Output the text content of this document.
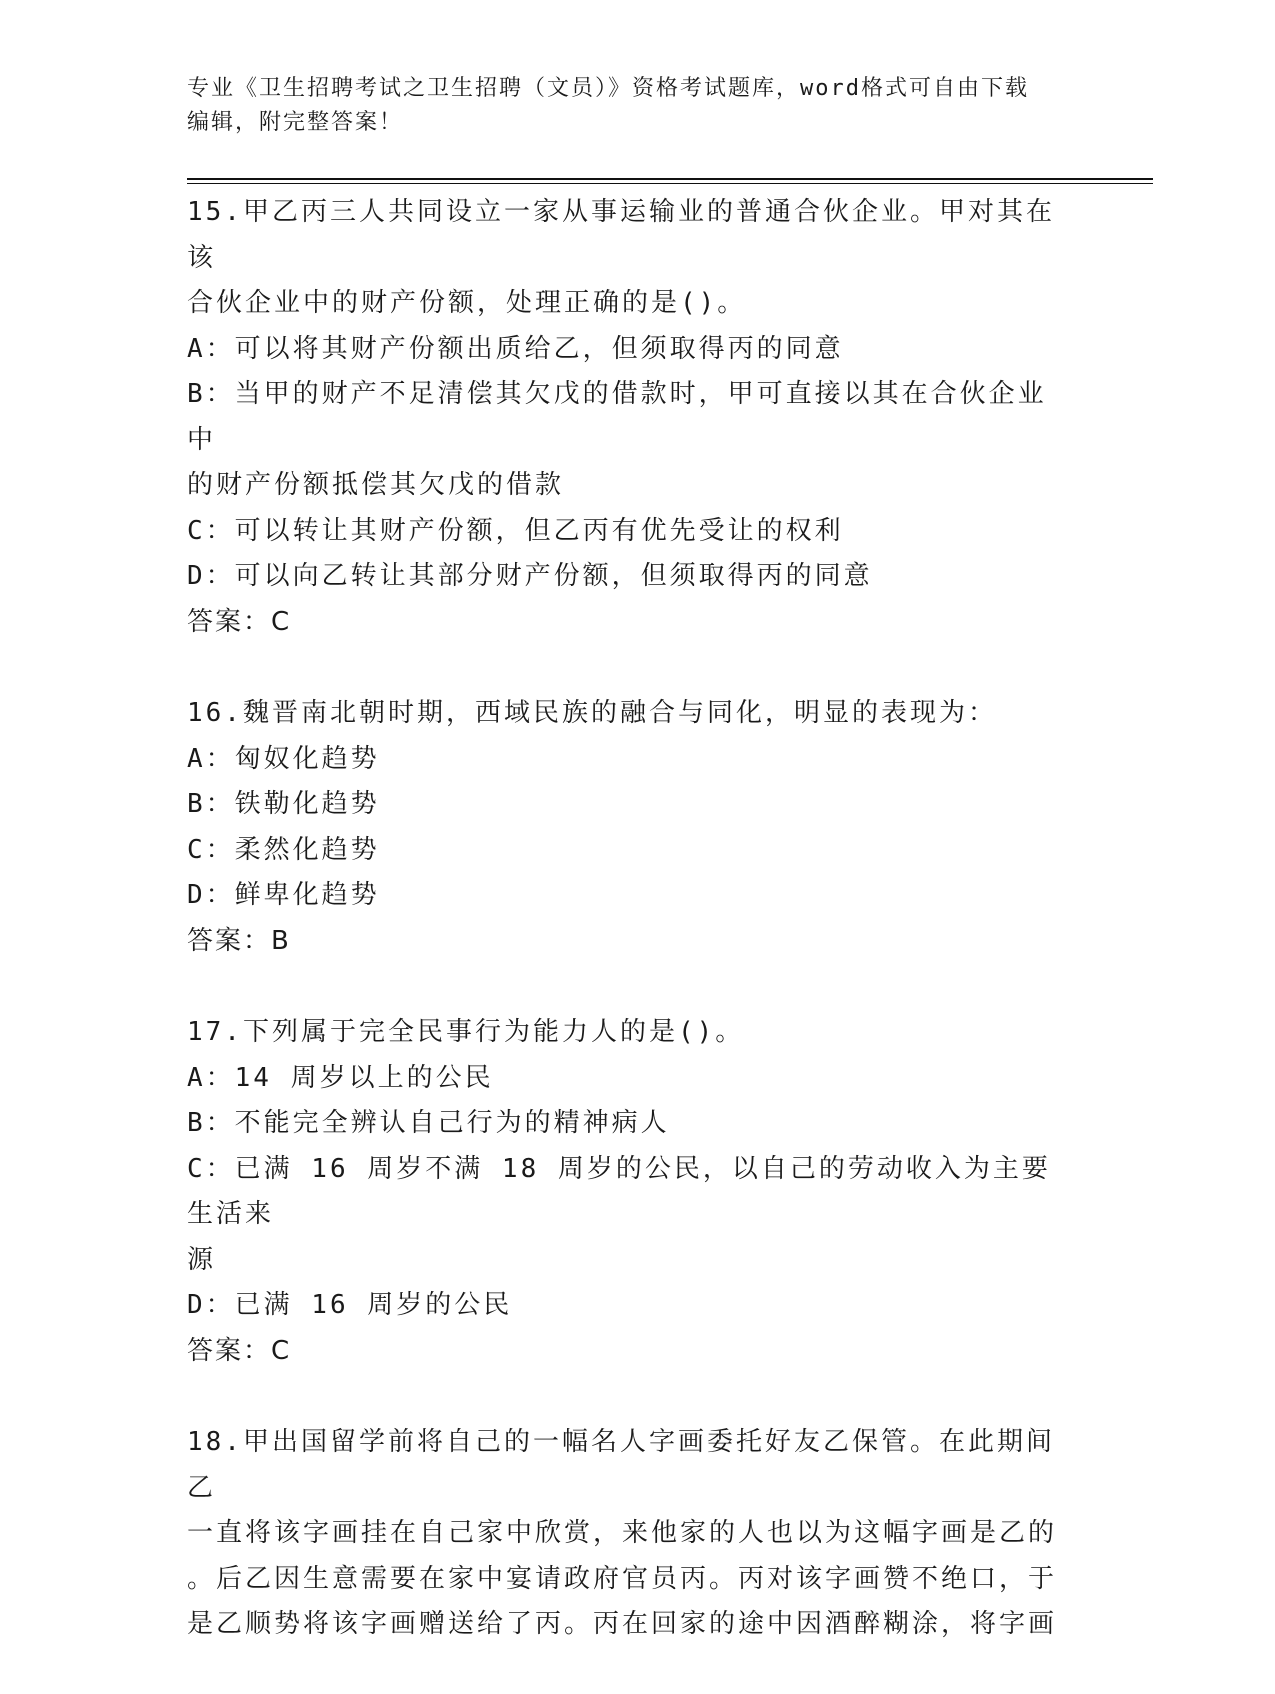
专业《卫生招聘考试之卫生招聘（文员）》资格考试题库，word格式可自由下载
编辑，附完整答案！
15.甲乙丙三人共同设立一家从事运输业的普通合伙企业。甲对其在该
合伙企业中的财产份额，处理正确的是()。
A：可以将其财产份额出质给乙，但须取得丙的同意
B：当甲的财产不足清偿其欠戊的借款时，甲可直接以其在合伙企业中
的财产份额抵偿其欠戊的借款
C：可以转让其财产份额，但乙丙有优先受让的权利
D：可以向乙转让其部分财产份额，但须取得丙的同意
答案：C
16.魏晋南北朝时期，西域民族的融合与同化，明显的表现为：
A：匈奴化趋势
B：铁勒化趋势
C：柔然化趋势
D：鲜卑化趋势
答案：B
17.下列属于完全民事行为能力人的是()。
A：14 周岁以上的公民
B：不能完全辨认自己行为的精神病人
C：已满 16 周岁不满 18 周岁的公民，以自己的劳动收入为主要生活来
源
D：已满 16 周岁的公民
答案：C
18.甲出国留学前将自己的一幅名人字画委托好友乙保管。在此期间乙
一直将该字画挂在自己家中欣赏，来他家的人也以为这幅字画是乙的
。后乙因生意需要在家中宴请政府官员丙。丙对该字画赞不绝口，于
是乙顺势将该字画赠送给了丙。丙在回家的途中因酒醉糊涂，将字画
